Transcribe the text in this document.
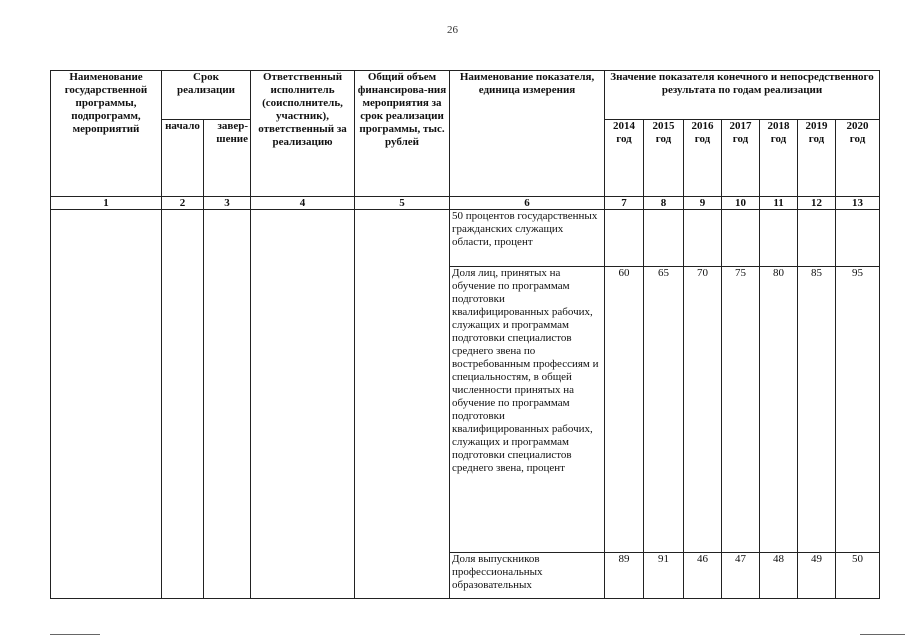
26
Наименование государственной программы, подпрограмм, мероприятий	Срок реализации		Ответственный исполнитель (соисполнитель, участник), ответственный за реализацию	Общий объем финансирова-ния мероприятия за срок реализации программы, тыс. рублей	Наименование показателя, единица измерения	Значение показателя конечного и непосредственного результата по годам реализации						
	начало	завер-шение				2014 год	2015 год	2016 год	2017 год	2018 год	2019 год	2020 год
1	2	3	4	5	6	7	8	9	10	11	12	13
					50 процентов государственных гражданских служащих области, процент							
					Доля лиц, принятых на обучение по программам подготовки квалифицированных рабочих, служащих и программам подготовки специалистов среднего звена по востребованным профессиям и специальностям, в общей численности принятых на обучение по программам подготовки квалифицированных рабочих, служащих и программам подготовки специалистов среднего звена, процент	60	65	70	75	80	85	95
					Доля выпускников профессиональных образовательных	89	91	46	47	48	49	50
